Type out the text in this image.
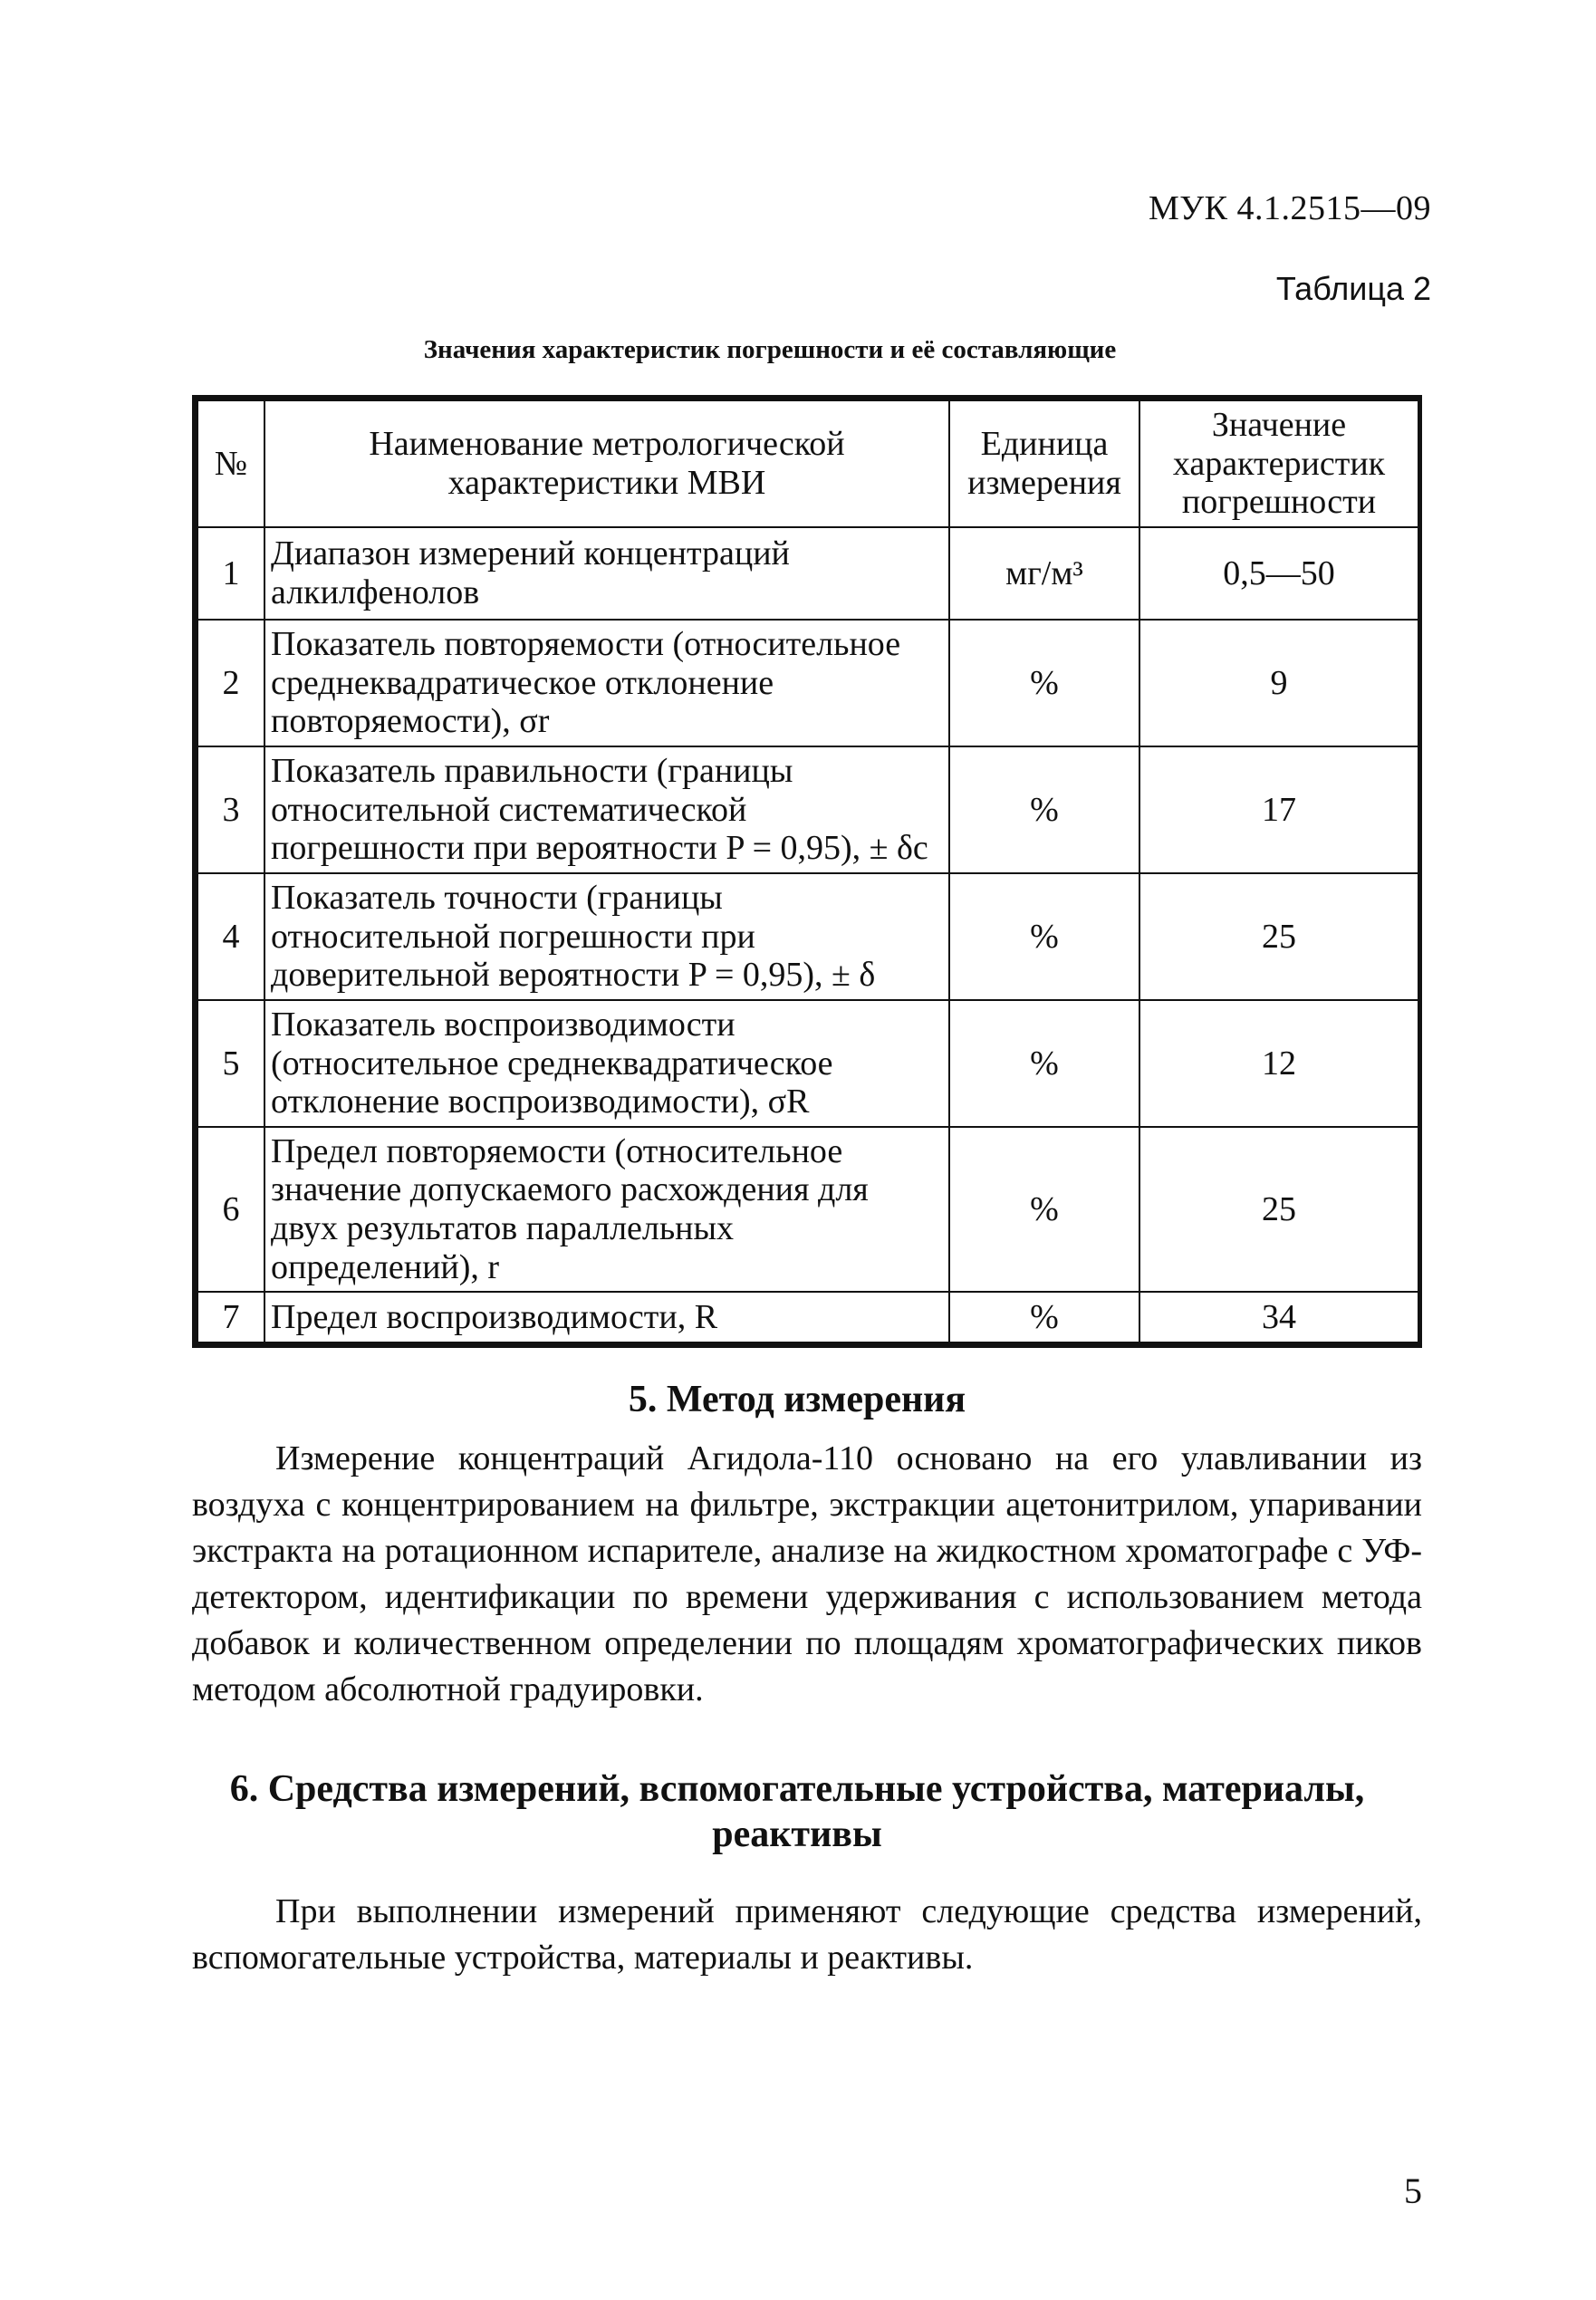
МУК 4.1.2515—09
Таблица 2
Значения характеристик погрешности и её составляющие
№	Наименование метрологической характеристики МВИ	Единица измерения	Значение характеристик погрешности
1	Диапазон измерений концентраций алкилфенолов	мг/м³	0,5—50
2	Показатель повторяемости (относительное среднеквадратическое отклонение повторяемости), σr	%	9
3	Показатель правильности (границы относительной систематической погрешности при вероятности P = 0,95), ± δc	%	17
4	Показатель точности (границы относительной погрешности при доверительной вероятности P = 0,95), ± δ	%	25
5	Показатель воспроизводимости (относительное среднеквадратическое отклонение воспроизводимости), σR	%	12
6	Предел повторяемости (относительное значение допускаемого расхождения для двух результатов параллельных определений), r	%	25
7	Предел воспроизводимости, R	%	34
5. Метод измерения

Измерение концентраций Агидола-110 основано на его улавливании из воздуха с концентрированием на фильтре, экстракции ацетонитрилом, упаривании экстракта на ротационном испарителе, анализе на жидкостном хроматографе с УФ-детектором, идентификации по времени удерживания с использованием метода добавок и количественном определении по площадям хроматографических пиков методом абсолютной градуировки.

6. Средства измерений, вспомогательные устройства, материалы, реактивы

При выполнении измерений применяют следующие средства измерений, вспомогательные устройства, материалы и реактивы.

5
